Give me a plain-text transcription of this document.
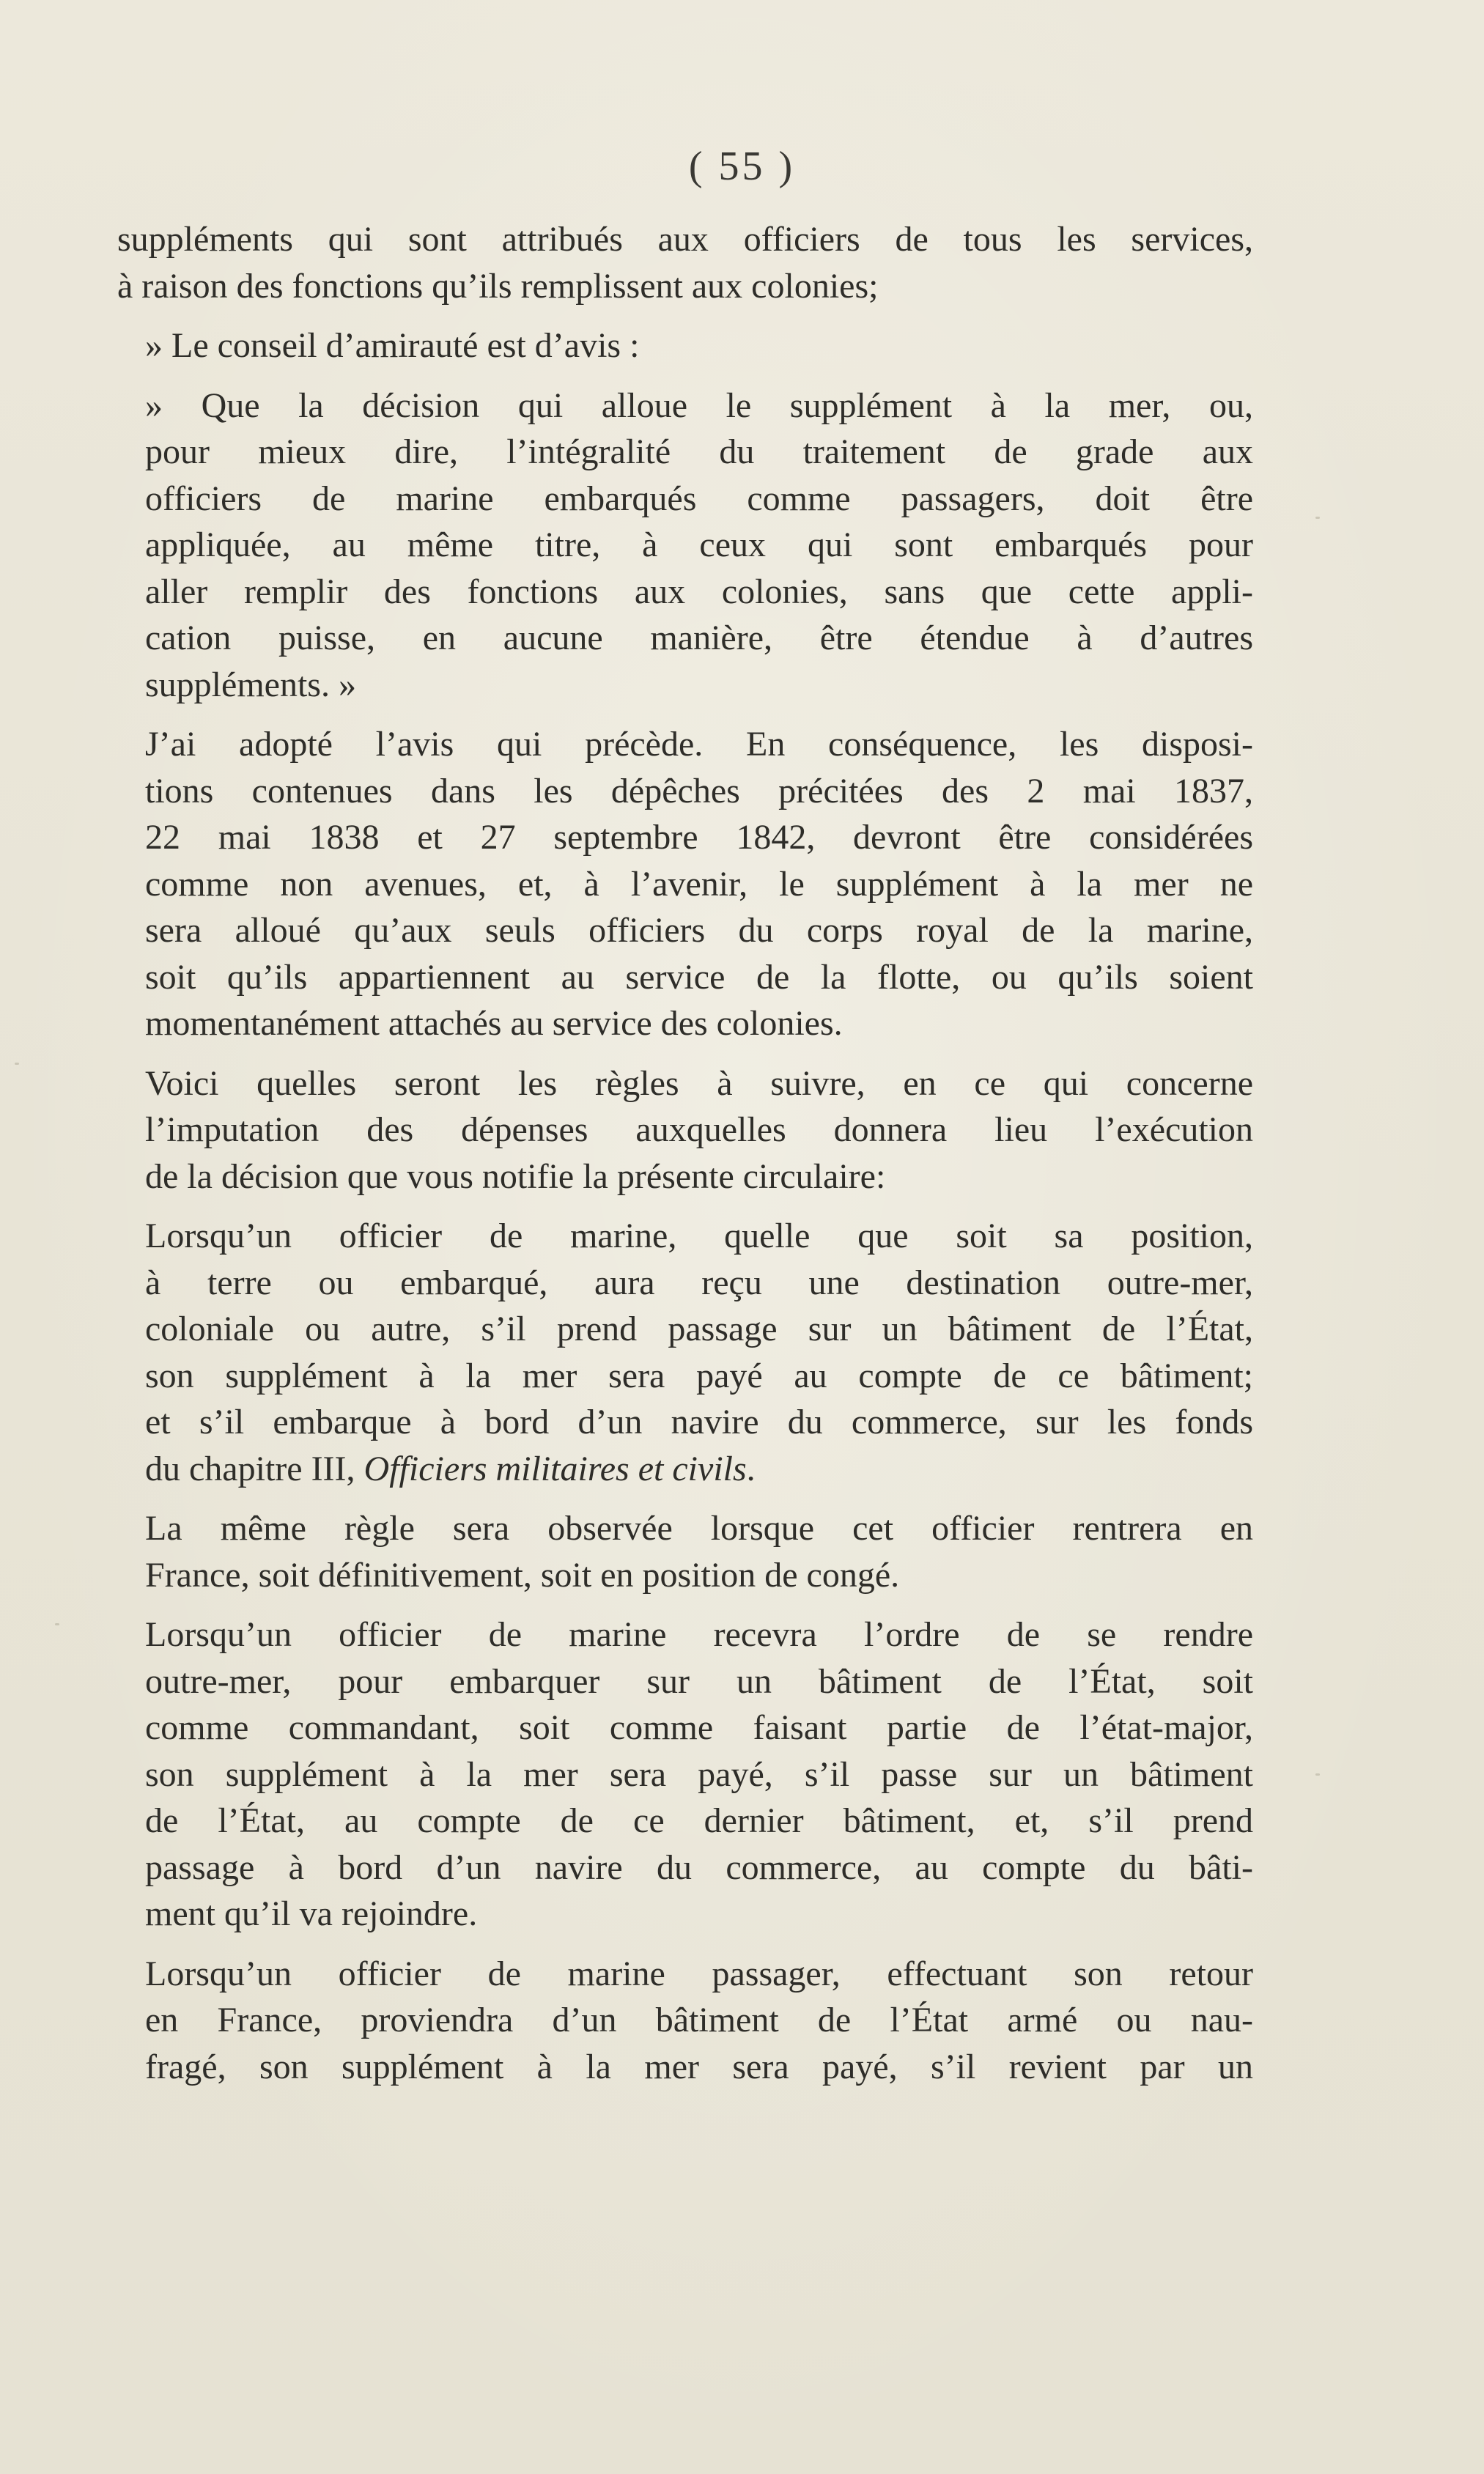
( 55 )

suppléments qui sont attribués aux officiers de tous les services,
à raison des fonctions qu’ils remplissent aux colonies;

» Le conseil d’amirauté est d’avis :

» Que la décision qui alloue le supplément à la mer, ou,
pour mieux dire, l’intégralité du traitement de grade aux
officiers de marine embarqués comme passagers, doit être
appliquée, au même titre, à ceux qui sont embarqués pour
aller remplir des fonctions aux colonies, sans que cette appli-
cation puisse, en aucune manière, être étendue à d’autres
suppléments. »

J’ai adopté l’avis qui précède. En conséquence, les disposi-
tions contenues dans les dépêches précitées des 2 mai 1837,
22 mai 1838 et 27 septembre 1842, devront être considérées
comme non avenues, et, à l’avenir, le supplément à la mer ne
sera alloué qu’aux seuls officiers du corps royal de la marine,
soit qu’ils appartiennent au service de la flotte, ou qu’ils soient
momentanément attachés au service des colonies.

Voici quelles seront les règles à suivre, en ce qui concerne
l’imputation des dépenses auxquelles donnera lieu l’exécution
de la décision que vous notifie la présente circulaire:

Lorsqu’un officier de marine, quelle que soit sa position,
à terre ou embarqué, aura reçu une destination outre-mer,
coloniale ou autre, s’il prend passage sur un bâtiment de l’État,
son supplément à la mer sera payé au compte de ce bâtiment;
et s’il embarque à bord d’un navire du commerce, sur les fonds
du chapitre III, Officiers militaires et civils.

La même règle sera observée lorsque cet officier rentrera en
France, soit définitivement, soit en position de congé.

Lorsqu’un officier de marine recevra l’ordre de se rendre
outre-mer, pour embarquer sur un bâtiment de l’État, soit
comme commandant, soit comme faisant partie de l’état-major,
son supplément à la mer sera payé, s’il passe sur un bâtiment
de l’État, au compte de ce dernier bâtiment, et, s’il prend
passage à bord d’un navire du commerce, au compte du bâti-
ment qu’il va rejoindre.

Lorsqu’un officier de marine passager, effectuant son retour
en France, proviendra d’un bâtiment de l’État armé ou nau-
fragé, son supplément à la mer sera payé, s’il revient par un
